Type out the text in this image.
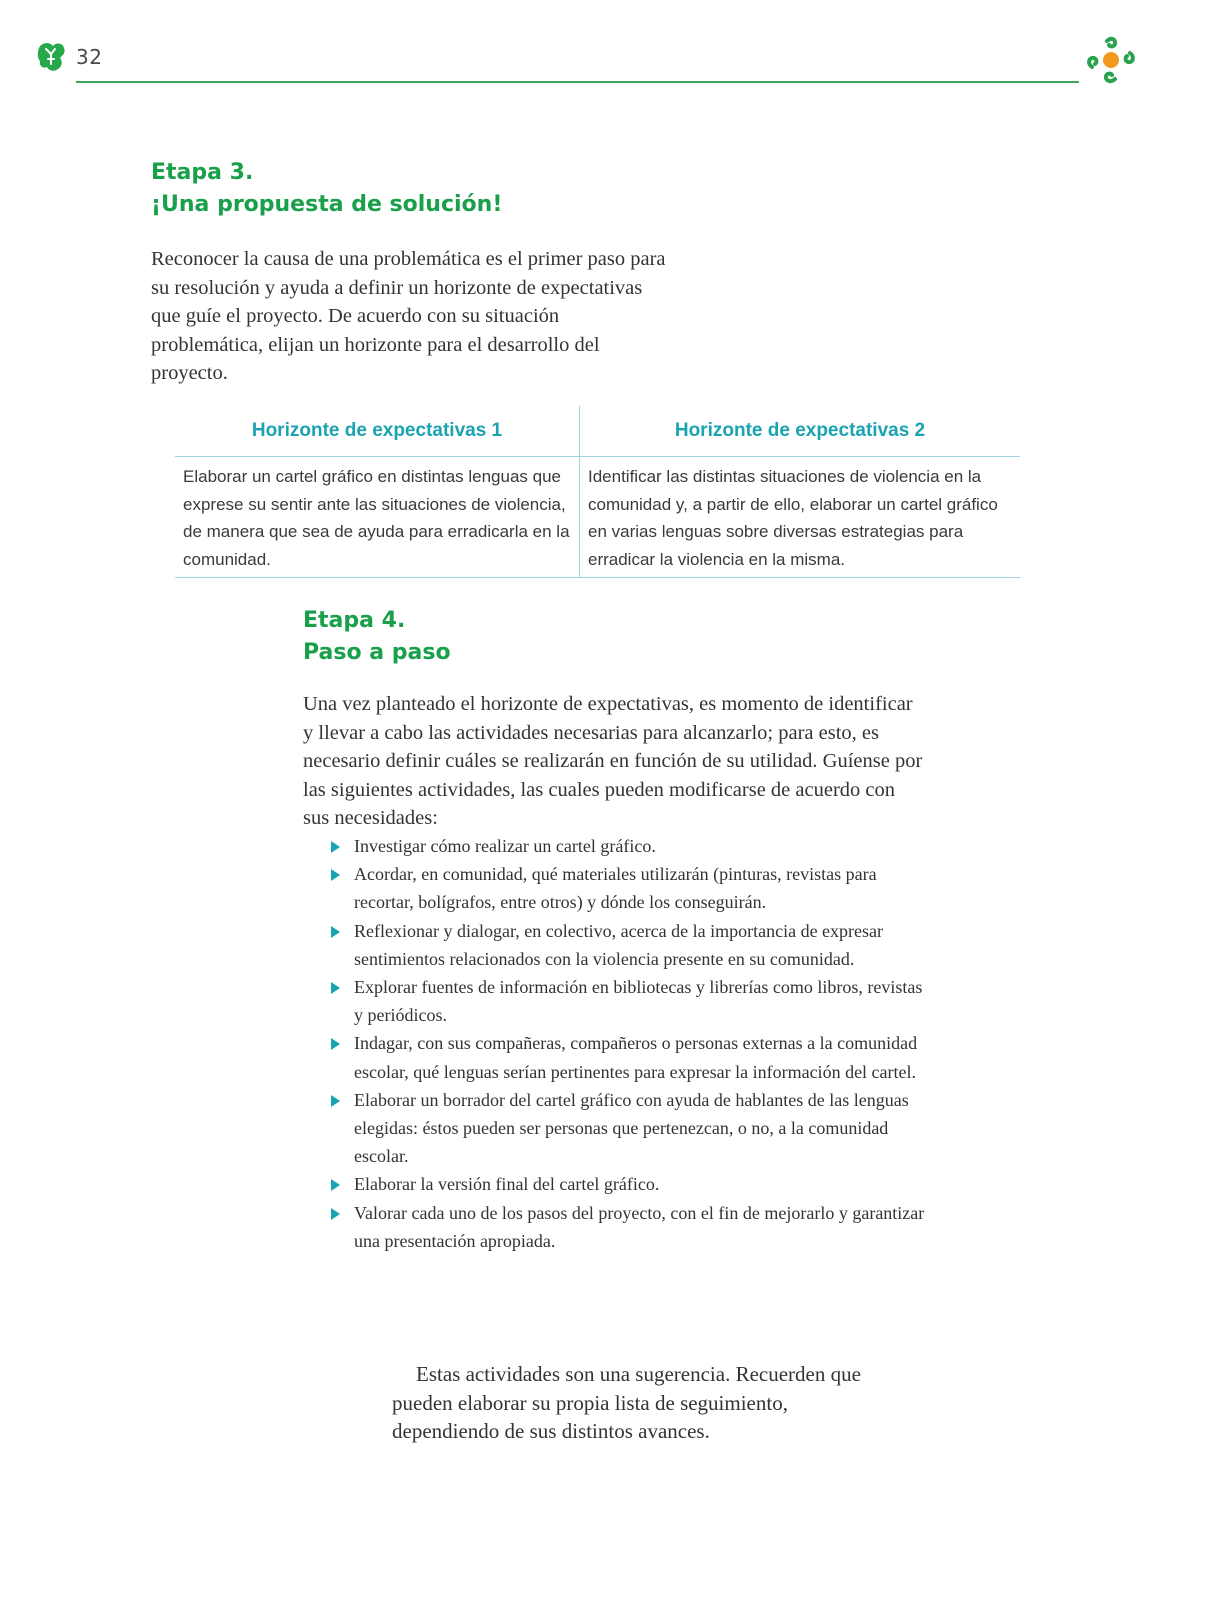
32
Etapa 3.
¡Una propuesta de solución!

Reconocer la causa de una problemática es el primer paso para su resolución y ayuda a definir un horizonte de expectativas que guíe el proyecto. De acuerdo con su situación problemática, elijan un horizonte para el desarrollo del proyecto.

Horizonte de expectativas 1	Horizonte de expectativas 2
Elaborar un cartel gráfico en distintas lenguas que exprese su sentir ante las situaciones de violencia, de manera que sea de ayuda para erradicarla en la comunidad.	Identificar las distintas situaciones de violencia en la comunidad y, a partir de ello, elaborar un cartel gráfico en varias lenguas sobre diversas estrategias para erradicar la violencia en la misma.
Etapa 4.
Paso a paso

Una vez planteado el horizonte de expectativas, es momento de identificar y llevar a cabo las actividades necesarias para alcanzarlo; para esto, es necesario definir cuáles se realizarán en función de su utilidad. Guíense por las siguientes actividades, las cuales pueden modificarse de acuerdo con sus necesidades:

Investigar cómo realizar un cartel gráfico.
Acordar, en comunidad, qué materiales utilizarán (pinturas, revistas para recortar, bolígrafos, entre otros) y dónde los conseguirán.
Reflexionar y dialogar, en colectivo, acerca de la importancia de expresar sentimientos relacionados con la violencia presente en su comunidad.
Explorar fuentes de información en bibliotecas y librerías como libros, revistas y periódicos.
Indagar, con sus compañeras, compañeros o personas externas a la comunidad escolar, qué lenguas serían pertinentes para expresar la información del cartel.
Elaborar un borrador del cartel gráfico con ayuda de hablantes de las lenguas elegidas: éstos pueden ser personas que pertenezcan, o no, a la comunidad escolar.
Elaborar la versión final del cartel gráfico.
Valorar cada uno de los pasos del proyecto, con el fin de mejorarlo y garantizar una presentación apropiada.

Estas actividades son una sugerencia. Recuerden que pueden elaborar su propia lista de seguimiento, dependiendo de sus distintos avances.
